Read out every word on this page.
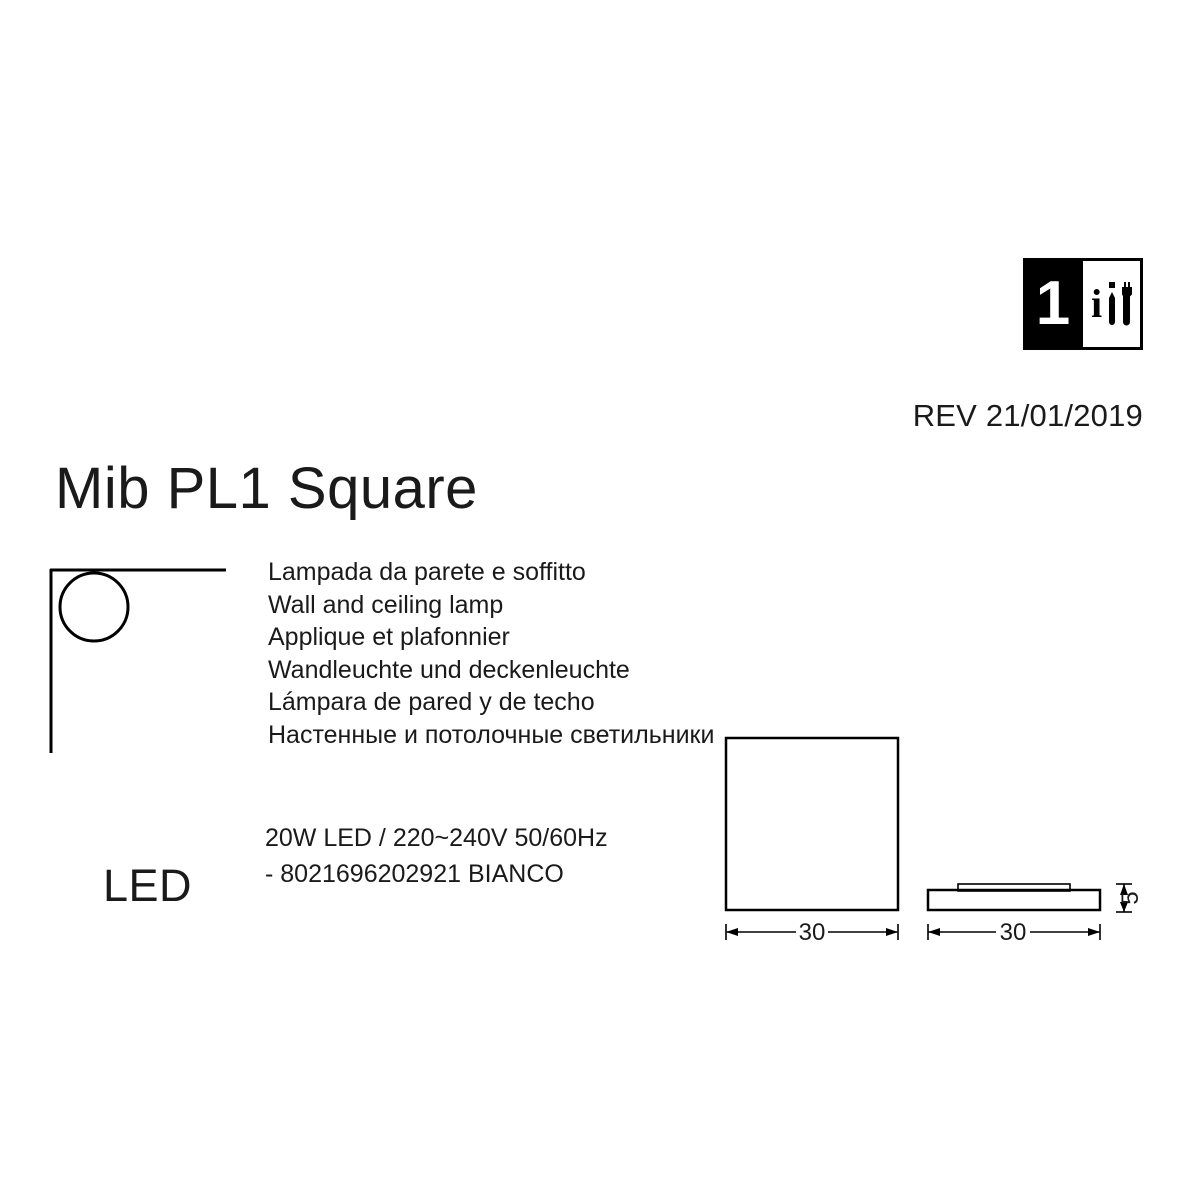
1 i
REV 21/01/2019
Mib PL1 Square
Lampada da parete e soffitto
Wall and ceiling lamp
Applique et plafonnier
Wandleuchte und deckenleuchte
Lámpara de pared y de techo
Настенные и потолочные светильники
LED
20W LED / 220~240V 50/60Hz
- 8021696202921 BIANCO
30	30
5
